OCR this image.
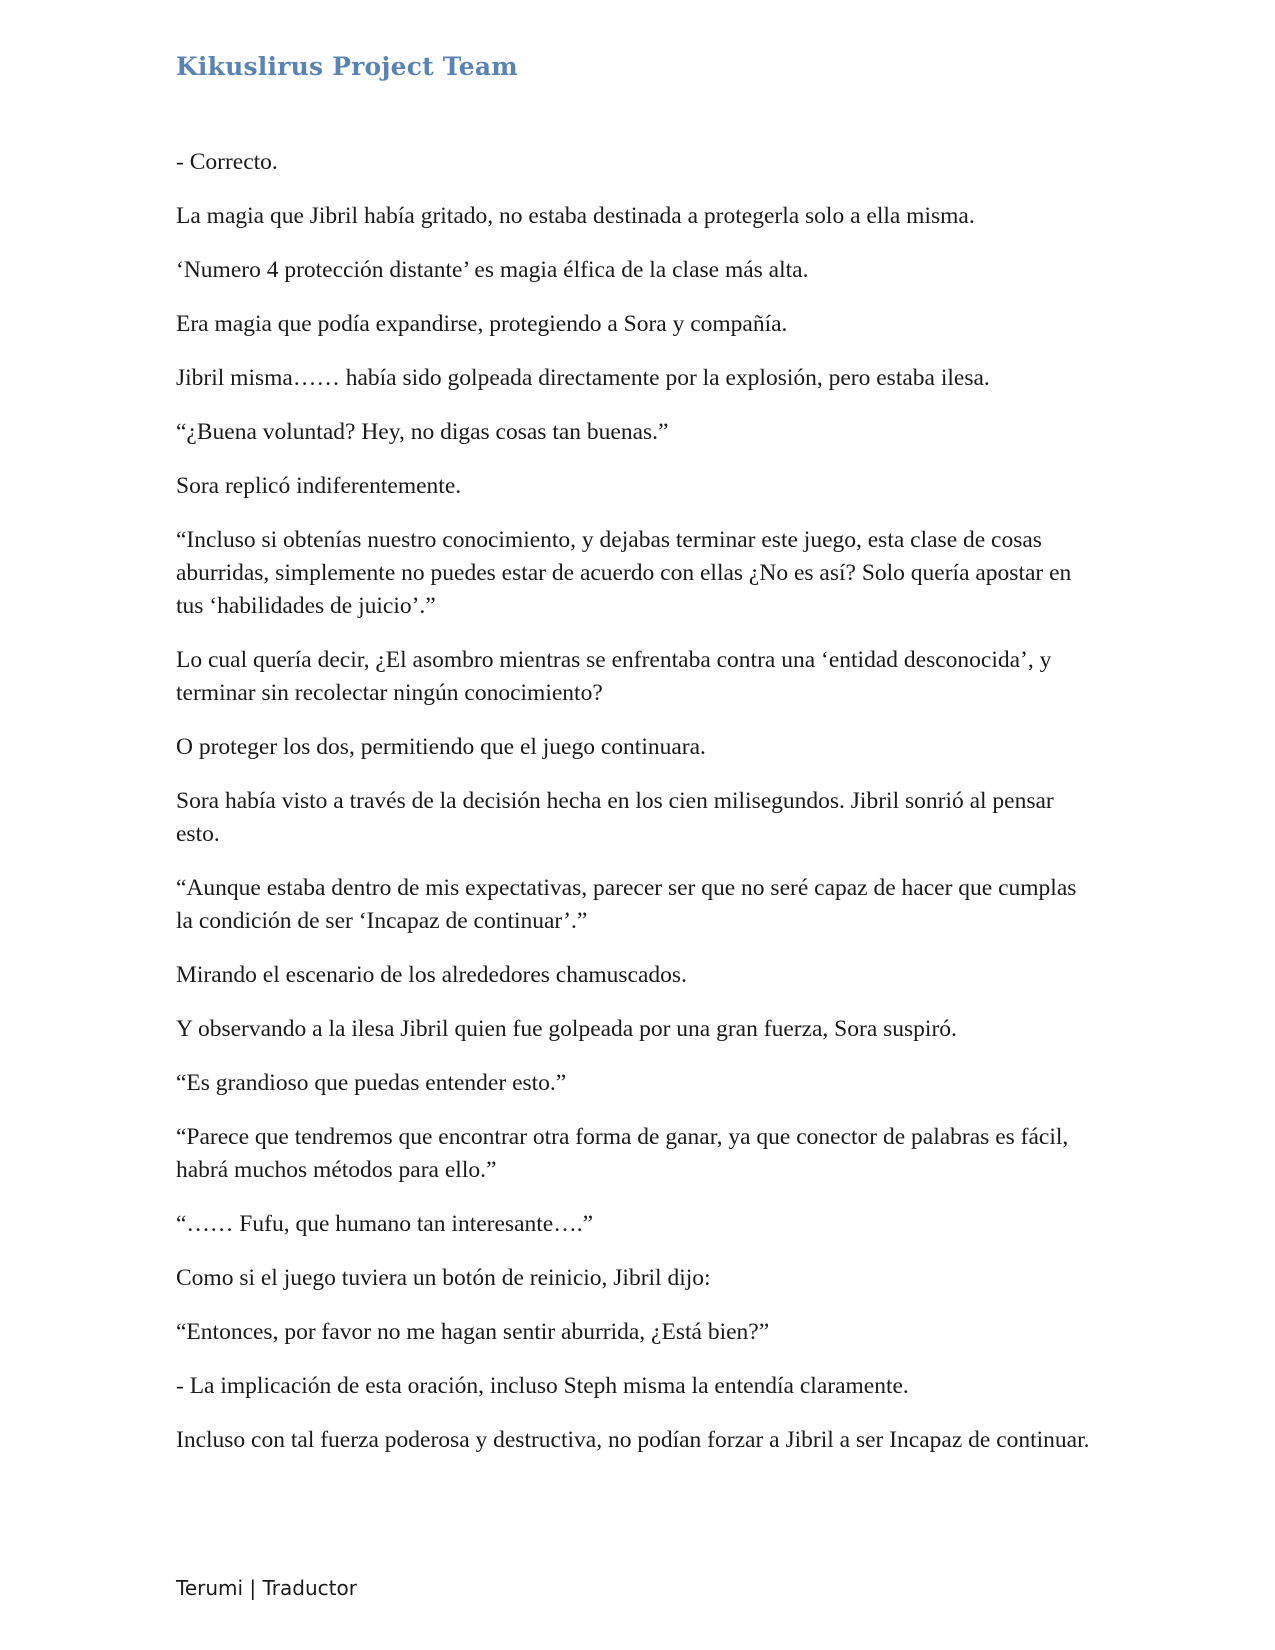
Kikuslirus Project Team

- Correcto.

La magia que Jibril había gritado, no estaba destinada a protegerla solo a ella misma.

‘Numero 4 protección distante’ es magia élfica de la clase más alta.

Era magia que podía expandirse, protegiendo a Sora y compañía.

Jibril misma…… había sido golpeada directamente por la explosión, pero estaba ilesa.

“¿Buena voluntad? Hey, no digas cosas tan buenas.”

Sora replicó indiferentemente.

“Incluso si obtenías nuestro conocimiento, y dejabas terminar este juego, esta clase de cosas aburridas, simplemente no puedes estar de acuerdo con ellas ¿No es así? Solo quería apostar en tus ‘habilidades de juicio’.”

Lo cual quería decir, ¿El asombro mientras se enfrentaba contra una ‘entidad desconocida’, y terminar sin recolectar ningún conocimiento?

O proteger los dos, permitiendo que el juego continuara.

Sora había visto a través de la decisión hecha en los cien milisegundos. Jibril sonrió al pensar esto.

“Aunque estaba dentro de mis expectativas, parecer ser que no seré capaz de hacer que cumplas la condición de ser ‘Incapaz de continuar’.”

Mirando el escenario de los alrededores chamuscados.

Y observando a la ilesa Jibril quien fue golpeada por una gran fuerza, Sora suspiró.

“Es grandioso que puedas entender esto.”

“Parece que tendremos que encontrar otra forma de ganar, ya que conector de palabras es fácil, habrá muchos métodos para ello.”

“…… Fufu, que humano tan interesante….”

Como si el juego tuviera un botón de reinicio, Jibril dijo:

“Entonces, por favor no me hagan sentir aburrida, ¿Está bien?”

- La implicación de esta oración, incluso Steph misma la entendía claramente.

Incluso con tal fuerza poderosa y destructiva, no podían forzar a Jibril a ser Incapaz de continuar.

Terumi | Traductor
